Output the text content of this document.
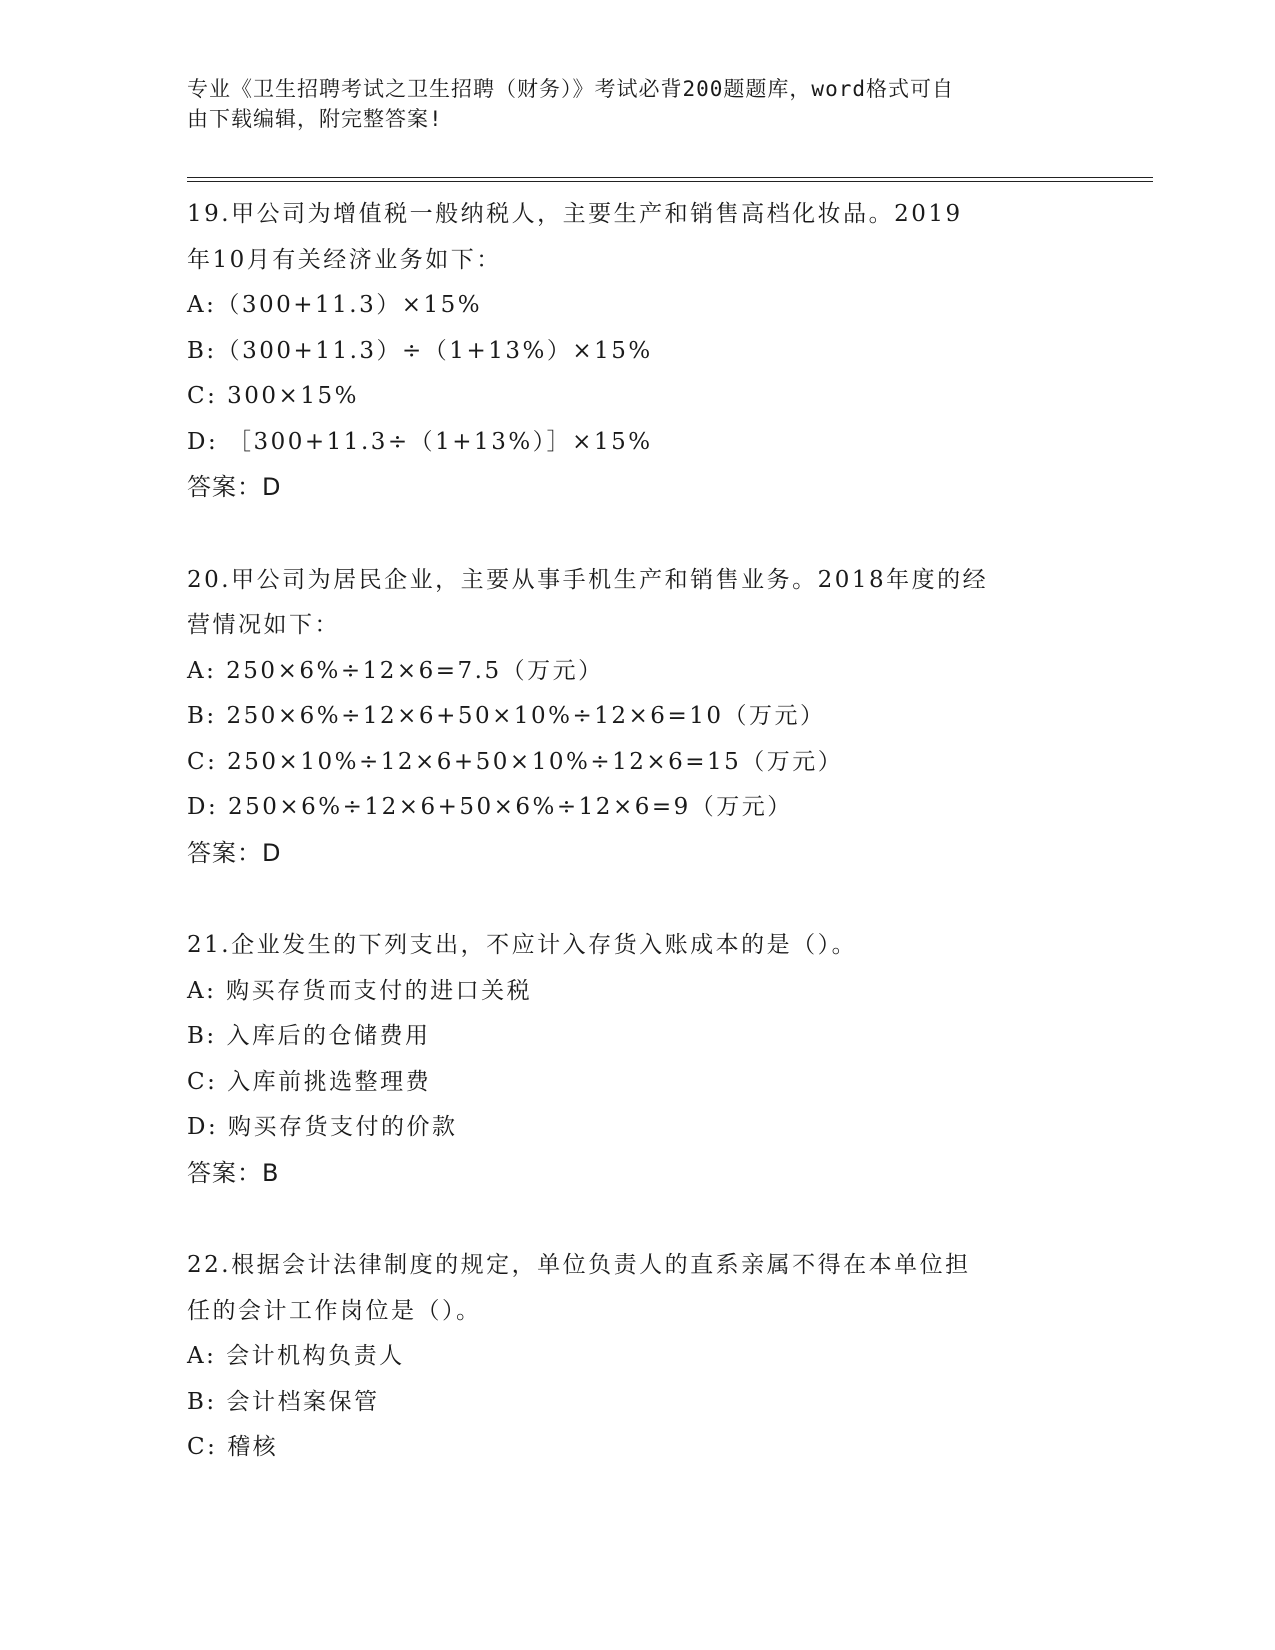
专业《卫生招聘考试之卫生招聘（财务）》考试必背200题题库，word格式可自
由下载编辑，附完整答案!
19.甲公司为增值税一般纳税人，主要生产和销售高档化妆品。2019
年10月有关经济业务如下：
A:（300+11.3）×15%
B:（300+11.3）÷（1+13%）×15%
C: 300×15%
D: ［300+11.3÷（1+13%）］×15%
答案：D
20.甲公司为居民企业，主要从事手机生产和销售业务。2018年度的经
营情况如下：
A: 250×6%÷12×6=7.5（万元）
B: 250×6%÷12×6+50×10%÷12×6=10（万元）
C: 250×10%÷12×6+50×10%÷12×6=15（万元）
D: 250×6%÷12×6+50×6%÷12×6=9（万元）
答案：D
21.企业发生的下列支出，不应计入存货入账成本的是（）。
A: 购买存货而支付的进口关税
B: 入库后的仓储费用
C: 入库前挑选整理费
D: 购买存货支付的价款
答案：B
22.根据会计法律制度的规定，单位负责人的直系亲属不得在本单位担
任的会计工作岗位是（）。
A: 会计机构负责人
B: 会计档案保管
C: 稽核
